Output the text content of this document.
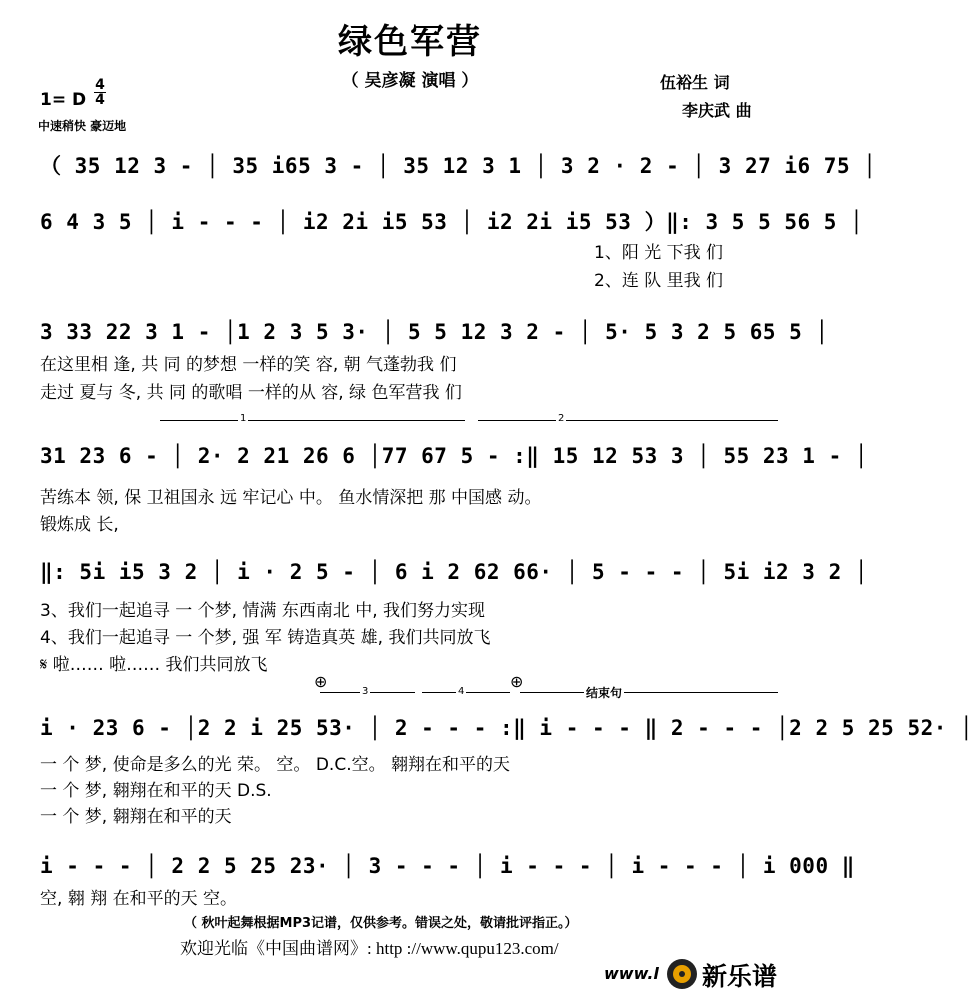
绿色军营
（ 吴彦凝 演唱 ）	伍裕生 词
李庆武 曲
1= D
4
4
中速稍快 豪迈地
（ 35 12 3 - │ 35 i65 3 - │ 35 12 3 1 │ 3 2 · 2 - │ 3 27 i6 75 │
6 4 3 5 │ i - - - │ i2 2i i5 53 │ i2 2i i5 53 ）‖: 3 5 5 56 5 │
1、阳 光 下我 们
2、连 队 里我 们
3 33 22 3 1 - │1 2 3 5 3· │ 5 5 12 3 2 - │ 5· 5 3 2 5 65 5 │
在这里相 逢, 共 同 的梦想 一样的笑 容, 朝 气蓬勃我 们
走过 夏与 冬, 共 同 的歌唱 一样的从 容, 绿 色军营我 们
1	2
31 23 6 - │ 2· 2 21 26 6 │77 67 5 - :‖ 15 12 53 3 │ 55 23 1 - │
苦练本 领, 保 卫祖国永 远 牢记心 中。 鱼水情深把 那 中国感 动。
锻炼成 长,
‖: 5i i5 3 2 │ i · 2 5 - │ 6 i 2 62 66· │ 5 - - - │ 5i i2 3 2 │
3、我们一起追寻 一 个梦, 情满 东西南北 中, 我们努力实现
4、我们一起追寻 一 个梦, 强 军 铸造真英 雄, 我们共同放飞
𝄋 啦…… 啦…… 我们共同放飞
⊕	⊕
3	4	结束句
i · 23 6 - │2 2 i 25 53· │ 2 - - - :‖ i - - - ‖ 2 - - - │2 2 5 25 52· │
一 个 梦, 使命是多么的光 荣。 空。 D.C.空。 翱翔在和平的天
一 个 梦, 翱翔在和平的天 D.S.
一 个 梦, 翱翔在和平的天
i - - - │ 2 2 5 25 23· │ 3 - - - │ i - - - │ i - - - │ i 000 ‖
空, 翱 翔 在和平的天 空。
（ 秋叶起舞根据MP3记谱，仅供参考。错误之处，敬请批评指正。）
欢迎光临《中国曲谱网》: http ://www.qupu123.com/
www.l 新乐谱
